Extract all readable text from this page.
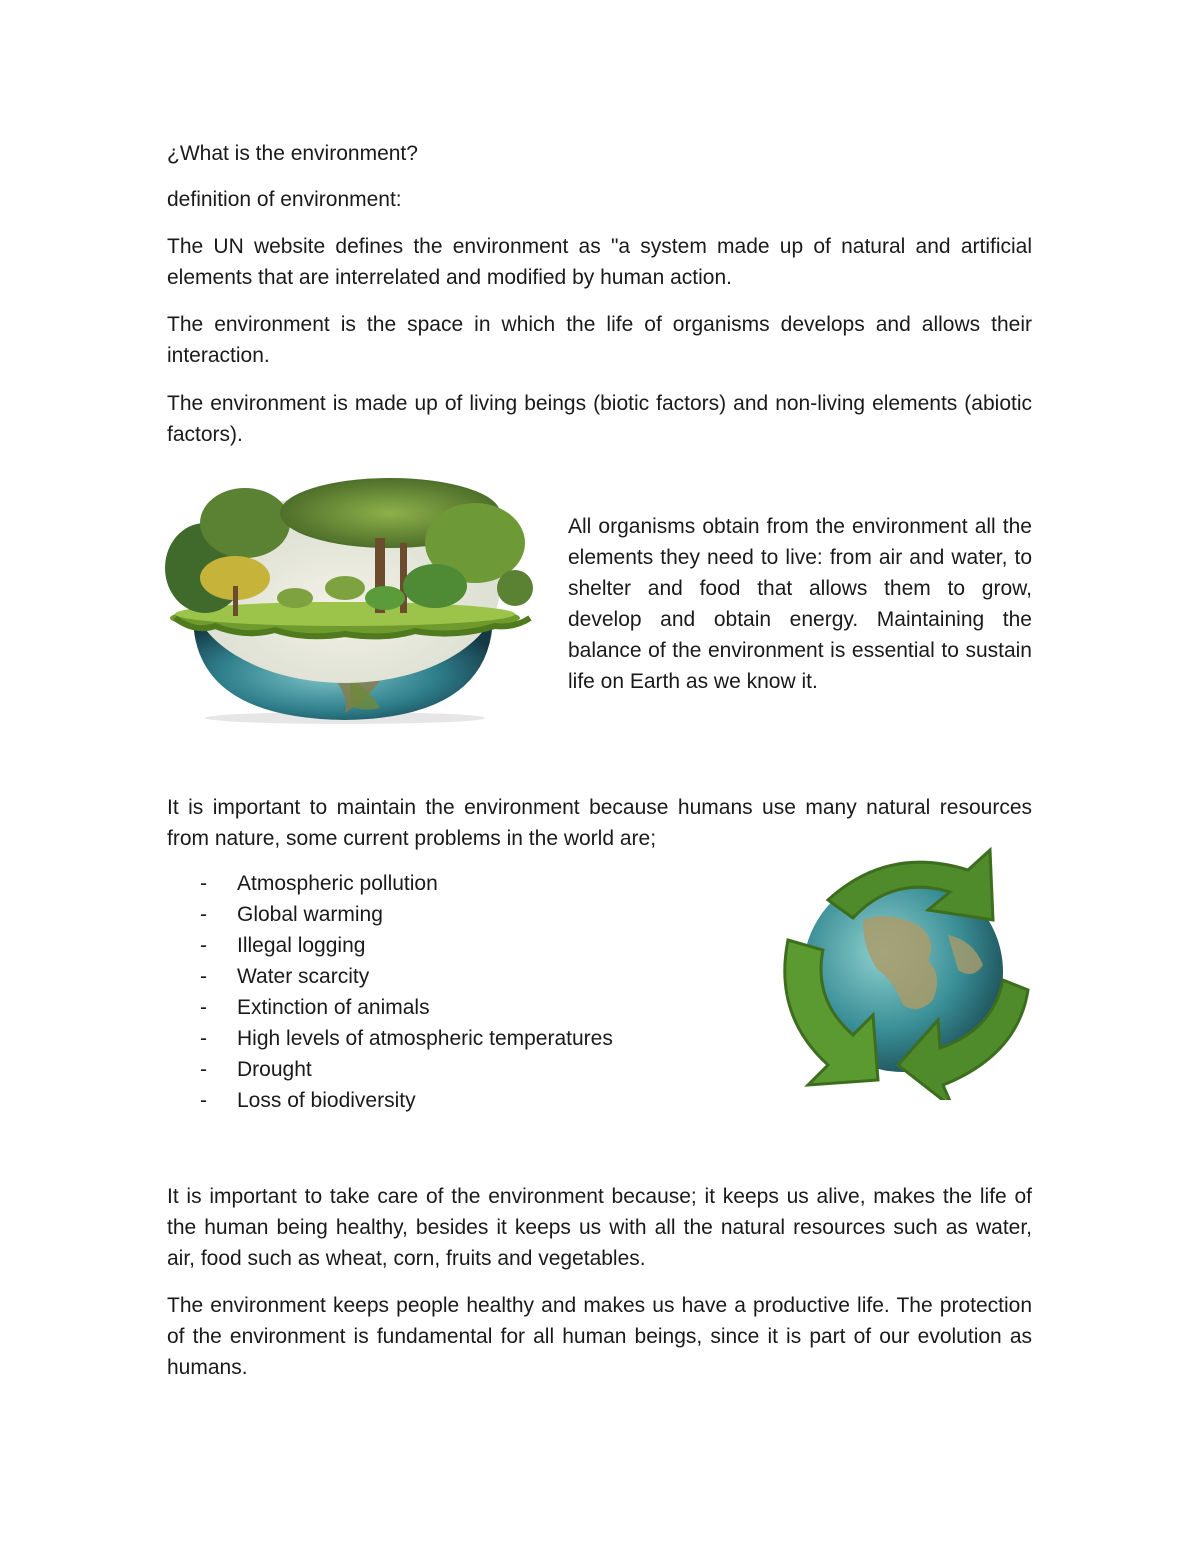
¿What is the environment?

definition of environment:

The UN website defines the environment as "a system made up of natural and artificial elements that are interrelated and modified by human action.

The environment is the space in which the life of organisms develops and allows their interaction.

The environment is made up of living beings (biotic factors) and non-living elements (abiotic factors).

All organisms obtain from the environment all the elements they need to live: from air and water, to shelter and food that allows them to grow, develop and obtain energy. Maintaining the balance of the environment is essential to sustain life on Earth as we know it.

It is important to maintain the environment because humans use many natural resources from nature, some current problems in the world are;

- Atmospheric pollution
- Global warming
- Illegal logging
- Water scarcity
- Extinction of animals
- High levels of atmospheric temperatures
- Drought
- Loss of biodiversity

It is important to take care of the environment because; it keeps us alive, makes the life of the human being healthy, besides it keeps us with all the natural resources such as water, air, food such as wheat, corn, fruits and vegetables.

The environment keeps people healthy and makes us have a productive life. The protection of the environment is fundamental for all human beings, since it is part of our evolution as humans.
